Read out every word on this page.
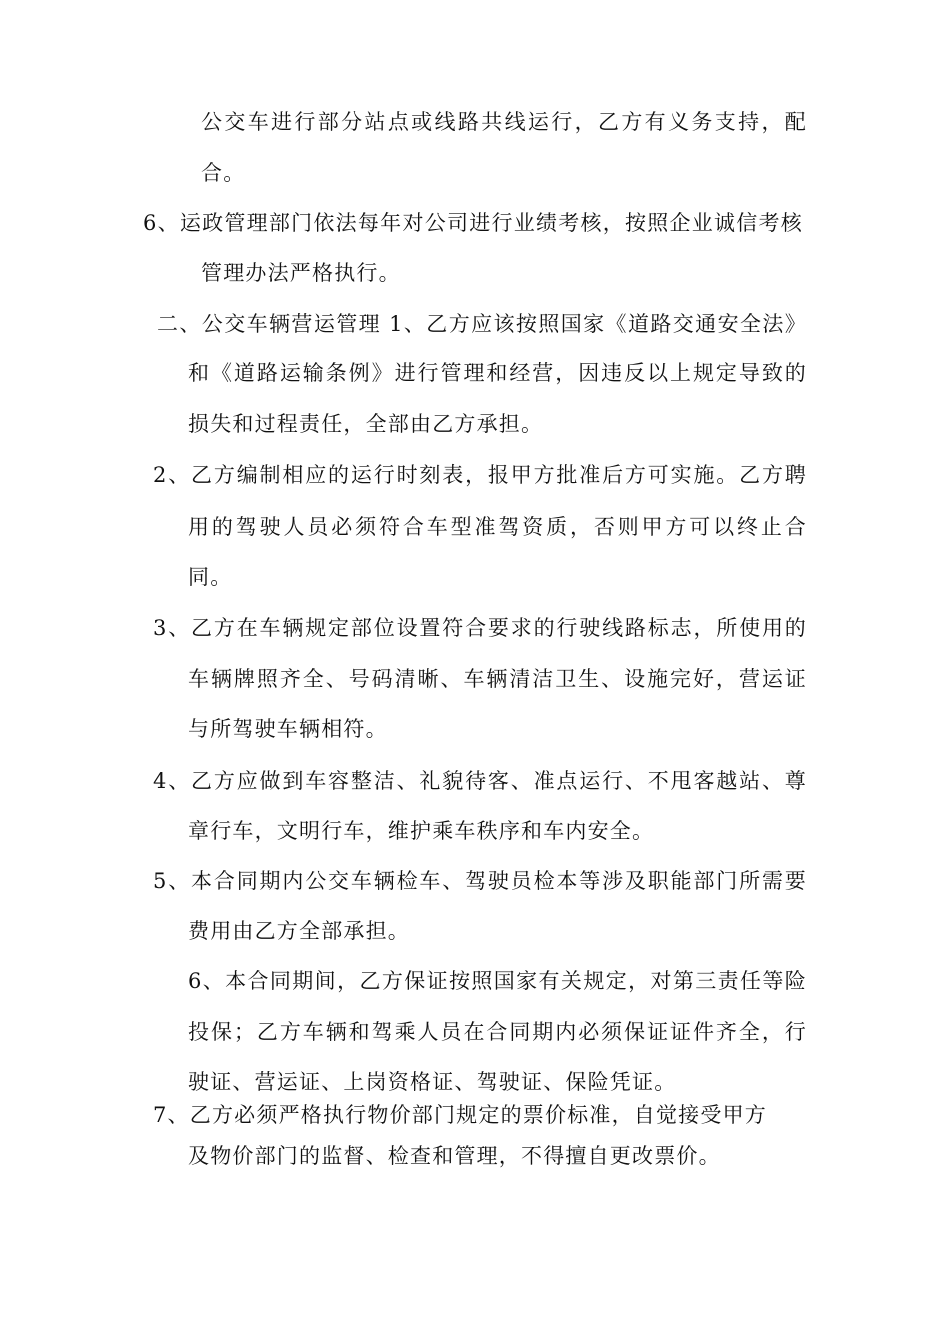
公交车进行部分站点或线路共线运行，乙方有义务支持，配
合。
6、运政管理部门依法每年对公司进行业绩考核，按照企业诚信考核
管理办法严格执行。
二、公交车辆营运管理 1、乙方应该按照国家《道路交通安全法》
和《道路运输条例》进行管理和经营，因违反以上规定导致的
损失和过程责任，全部由乙方承担。
2、乙方编制相应的运行时刻表，报甲方批准后方可实施。乙方聘
用的驾驶人员必须符合车型准驾资质，否则甲方可以终止合
同。
3、乙方在车辆规定部位设置符合要求的行驶线路标志，所使用的
车辆牌照齐全、号码清晰、车辆清洁卫生、设施完好，营运证
与所驾驶车辆相符。
4、乙方应做到车容整洁、礼貌待客、准点运行、不甩客越站、尊
章行车，文明行车，维护乘车秩序和车内安全。
5、本合同期内公交车辆检车、驾驶员检本等涉及职能部门所需要
费用由乙方全部承担。
6、本合同期间，乙方保证按照国家有关规定，对第三责任等险
投保；乙方车辆和驾乘人员在合同期内必须保证证件齐全，行
驶证、营运证、上岗资格证、驾驶证、保险凭证。
7、乙方必须严格执行物价部门规定的票价标准，自觉接受甲方
及物价部门的监督、检查和管理，不得擅自更改票价。
